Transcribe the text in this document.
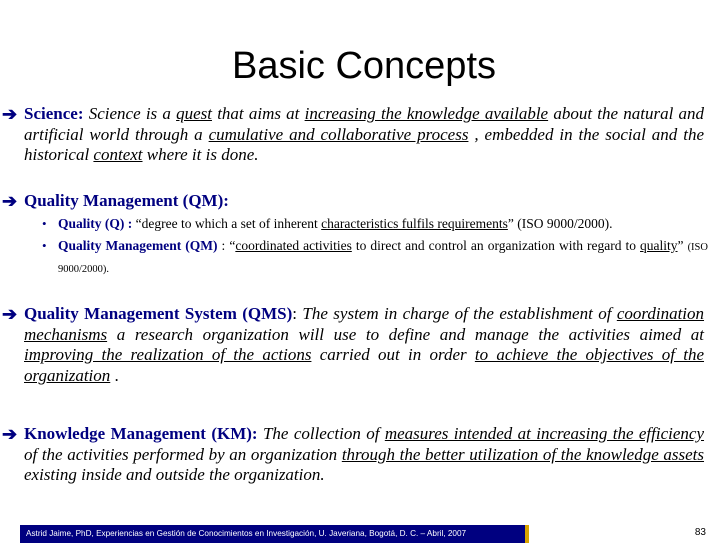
Basic Concepts
➔ Science: Science is a quest that aims at increasing the knowledge available about the natural and artificial world through a cumulative and collaborative process , embedded in the social and the historical context where it is done.
➔ Quality Management (QM):
• Quality (Q) : “degree to which a set of inherent characteristics fulfils requirements” (ISO 9000/2000).
• Quality Management (QM) : “coordinated activities to direct and control an organization with regard to quality” (ISO 9000/2000).
➔ Quality Management System (QMS): The system in charge of the establishment of coordination mechanisms a research organization will use to define and manage the activities aimed at improving the realization of the actions carried out in order to achieve the objectives of the organization .
➔ Knowledge Management (KM): The collection of measures intended at increasing the efficiency of the activities performed by an organization through the better utilization of the knowledge assets existing inside and outside the organization.
Astrid Jaime, PhD, Experiencias en Gestión de Conocimientos en Investigación, U. Javeriana, Bogotá, D. C. – Abril, 2007	83
